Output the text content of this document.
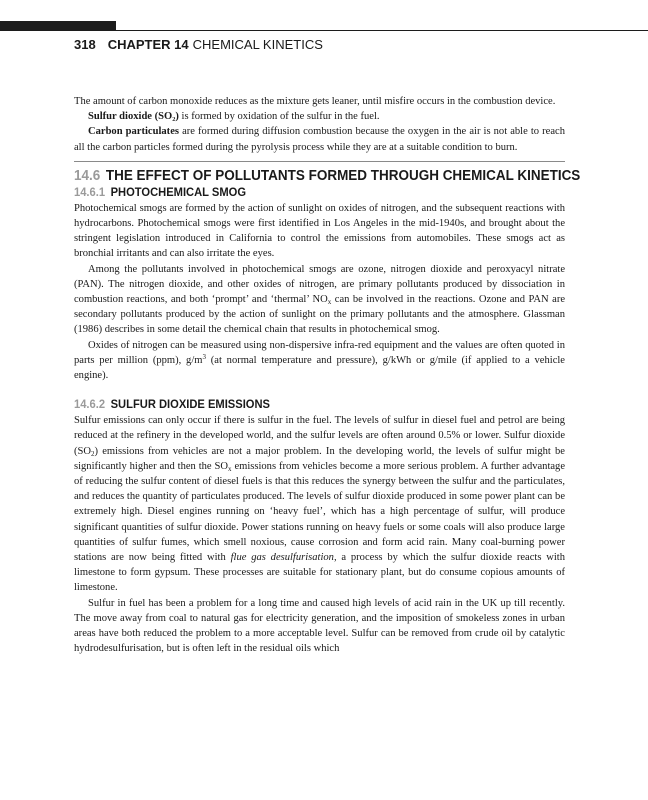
318 CHAPTER 14 CHEMICAL KINETICS

The amount of carbon monoxide reduces as the mixture gets leaner, until misfire occurs in the combustion device.

Sulfur dioxide (SO₂) is formed by oxidation of the sulfur in the fuel.

Carbon particulates are formed during diffusion combustion because the oxygen in the air is not able to reach all the carbon particles formed during the pyrolysis process while they are at a suitable condition to burn.

14.6 THE EFFECT OF POLLUTANTS FORMED THROUGH CHEMICAL KINETICS
14.6.1 PHOTOCHEMICAL SMOG

Photochemical smogs are formed by the action of sunlight on oxides of nitrogen, and the subsequent reactions with hydrocarbons. Photochemical smogs were first identified in Los Angeles in the mid-1940s, and brought about the stringent legislation introduced in California to control the emissions from automobiles. These smogs act as bronchial irritants and can also irritate the eyes.

Among the pollutants involved in photochemical smogs are ozone, nitrogen dioxide and peroxyacyl nitrate (PAN). The nitrogen dioxide, and other oxides of nitrogen, are primary pollutants produced by dissociation in combustion reactions, and both ‘prompt’ and ‘thermal’ $NO_x$ can be involved in the reactions. Ozone and PAN are secondary pollutants produced by the action of sunlight on the primary pollutants and the atmosphere. Glassman (1986) describes in some detail the chemical chain that results in photochemical smog.

Oxides of nitrogen can be measured using non-dispersive infra-red equipment and the values are often quoted in parts per million (ppm), $g/m^3$ (at normal temperature and pressure), g/kWh or g/mile (if applied to a vehicle engine).

14.6.2 SULFUR DIOXIDE EMISSIONS

Sulfur emissions can only occur if there is sulfur in the fuel. The levels of sulfur in diesel fuel and petrol are being reduced at the refinery in the developed world, and the sulfur levels are often around 0.5% or lower. Sulfur dioxide $(SO_2)$ emissions from vehicles are not a major problem. In the developing world, the levels of sulfur might be significantly higher and then the $SO_x$ emissions from vehicles become a more serious problem. A further advantage of reducing the sulfur content of diesel fuels is that this reduces the synergy between the sulfur and the particulates, and reduces the quantity of particulates produced. The levels of sulfur dioxide produced in some power plant can be extremely high. Diesel engines running on ‘heavy fuel’, which has a high percentage of sulfur, will produce significant quantities of sulfur dioxide. Power stations running on heavy fuels or some coals will also produce large quantities of sulfur fumes, which smell noxious, cause corrosion and form acid rain. Many coal-burning power stations are now being fitted with flue gas desulfurisation, a process by which the sulfur dioxide reacts with limestone to form gypsum. These processes are suitable for stationary plant, but do consume copious amounts of limestone.

Sulfur in fuel has been a problem for a long time and caused high levels of acid rain in the UK up till recently. The move away from coal to natural gas for electricity generation, and the imposition of smokeless zones in urban areas have both reduced the problem to a more acceptable level. Sulfur can be removed from crude oil by catalytic hydrodesulfurisation, but is often left in the residual oils which
